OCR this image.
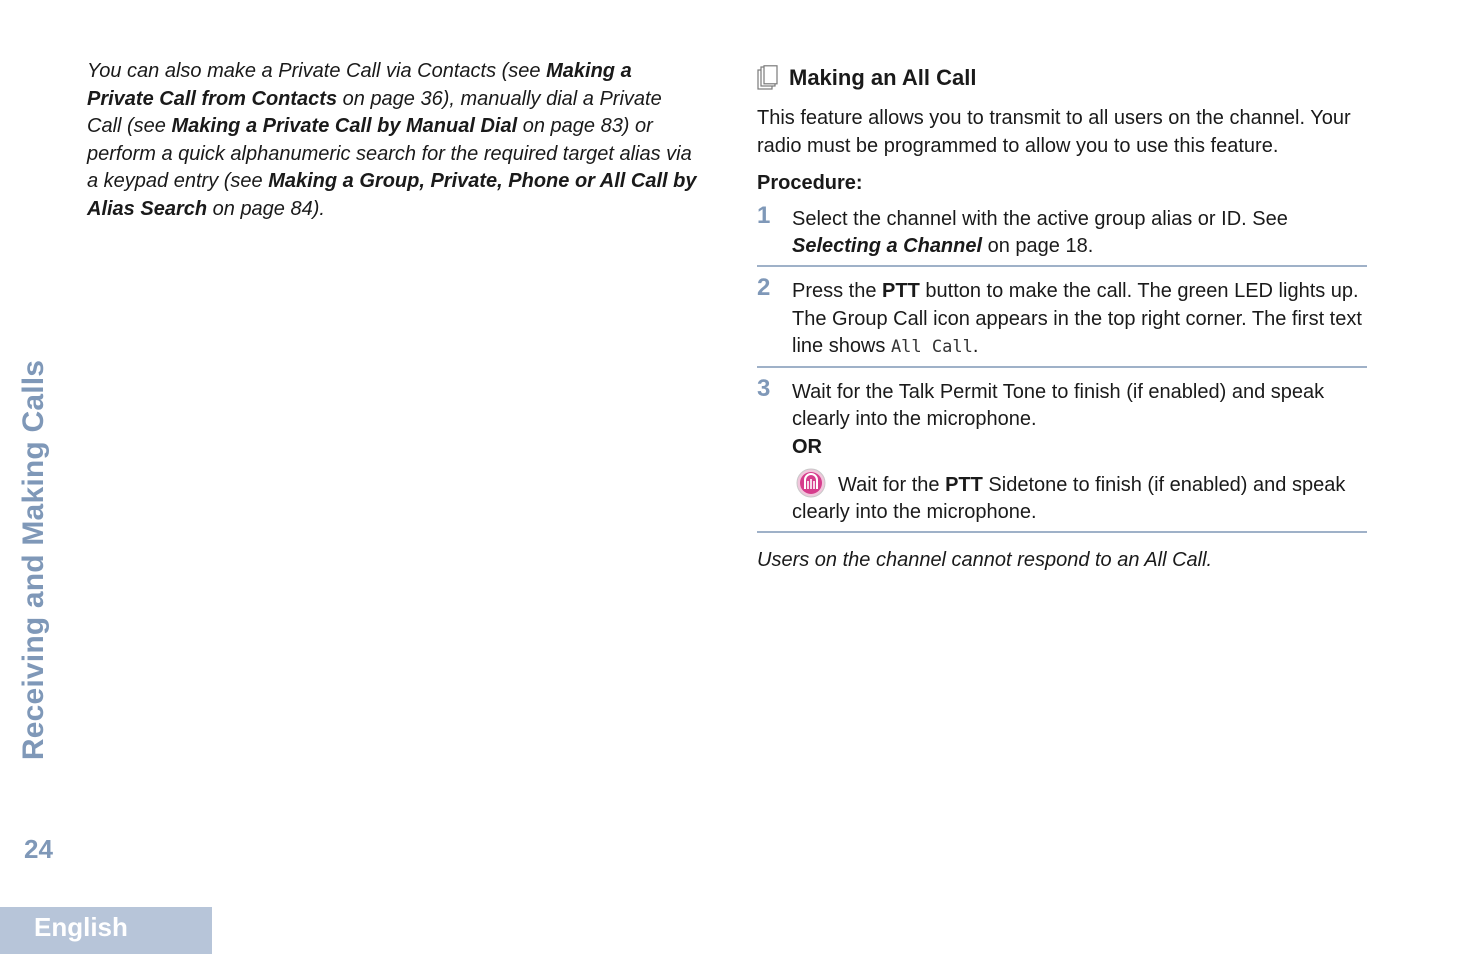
Receiving and Making Calls
24
English
You can also make a Private Call via Contacts (see Making a Private Call from Contacts on page 36), manually dial a Private Call (see Making a Private Call by Manual Dial on page 83) or perform a quick alphanumeric search for the required target alias via a keypad entry (see Making a Group, Private, Phone or All Call by Alias Search on page 84).
Making an All Call

This feature allows you to transmit to all users on the channel. Your radio must be programmed to allow you to use this feature.

Procedure:
1 Select the channel with the active group alias or ID. See Selecting a Channel on page 18.
2 Press the PTT button to make the call. The green LED lights up. The Group Call icon appears in the top right corner. The first text line shows All Call.
3 Wait for the Talk Permit Tone to finish (if enabled) and speak clearly into the microphone.
OR
Wait for the PTT Sidetone to finish (if enabled) and speak clearly into the microphone.

Users on the channel cannot respond to an All Call.
